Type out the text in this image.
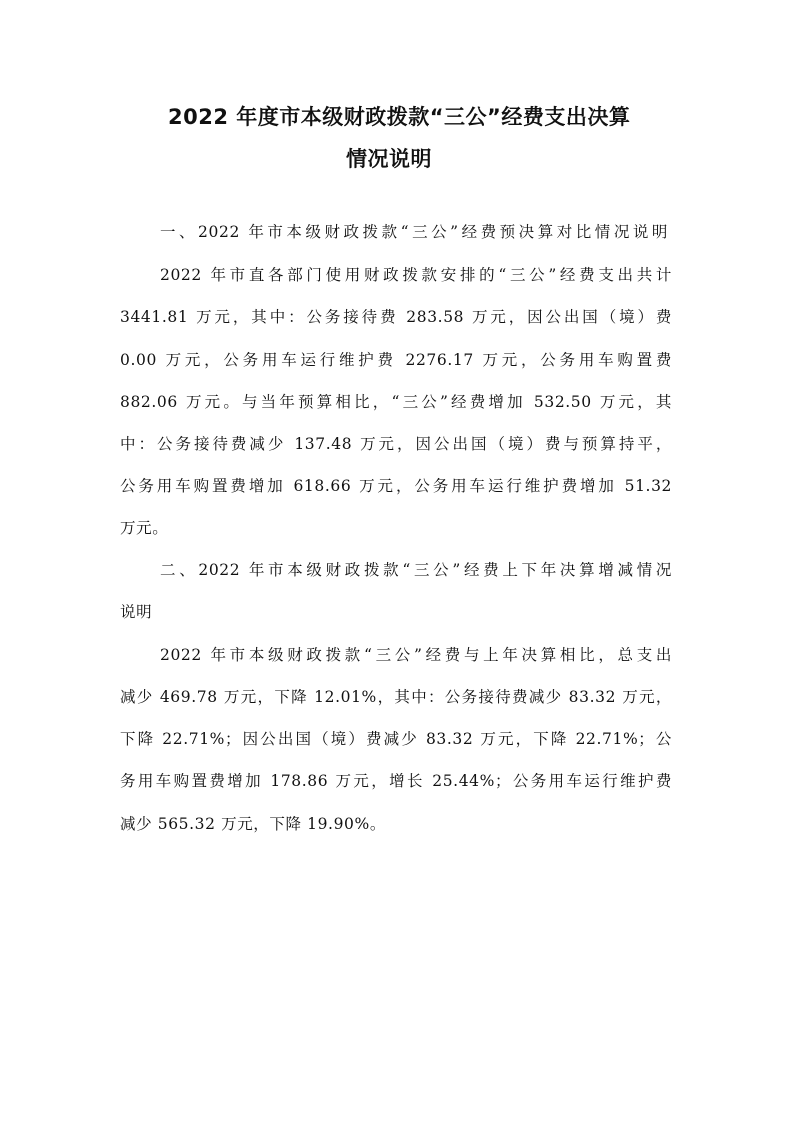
2022 年度市本级财政拨款“三公”经费支出决算
情况说明
一、2022 年市本级财政拨款“三公”经费预决算对比情况说明
2022 年市直各部门使用财政拨款安排的“三公”经费支出共计
3441.81 万元，其中：公务接待费 283.58 万元，因公出国（境）费
0.00 万元，公务用车运行维护费 2276.17 万元，公务用车购置费
882.06 万元。与当年预算相比，“三公”经费增加 532.50 万元，其
中：公务接待费减少 137.48 万元，因公出国（境）费与预算持平，
公务用车购置费增加 618.66 万元，公务用车运行维护费增加 51.32
万元。
二、2022 年市本级财政拨款“三公”经费上下年决算增减情况
说明
2022 年市本级财政拨款“三公”经费与上年决算相比，总支出
减少 469.78 万元，下降 12.01%，其中：公务接待费减少 83.32 万元，
下降 22.71%；因公出国（境）费减少 83.32 万元，下降 22.71%；公
务用车购置费增加 178.86 万元，增长 25.44%；公务用车运行维护费
减少 565.32 万元，下降 19.90%。
